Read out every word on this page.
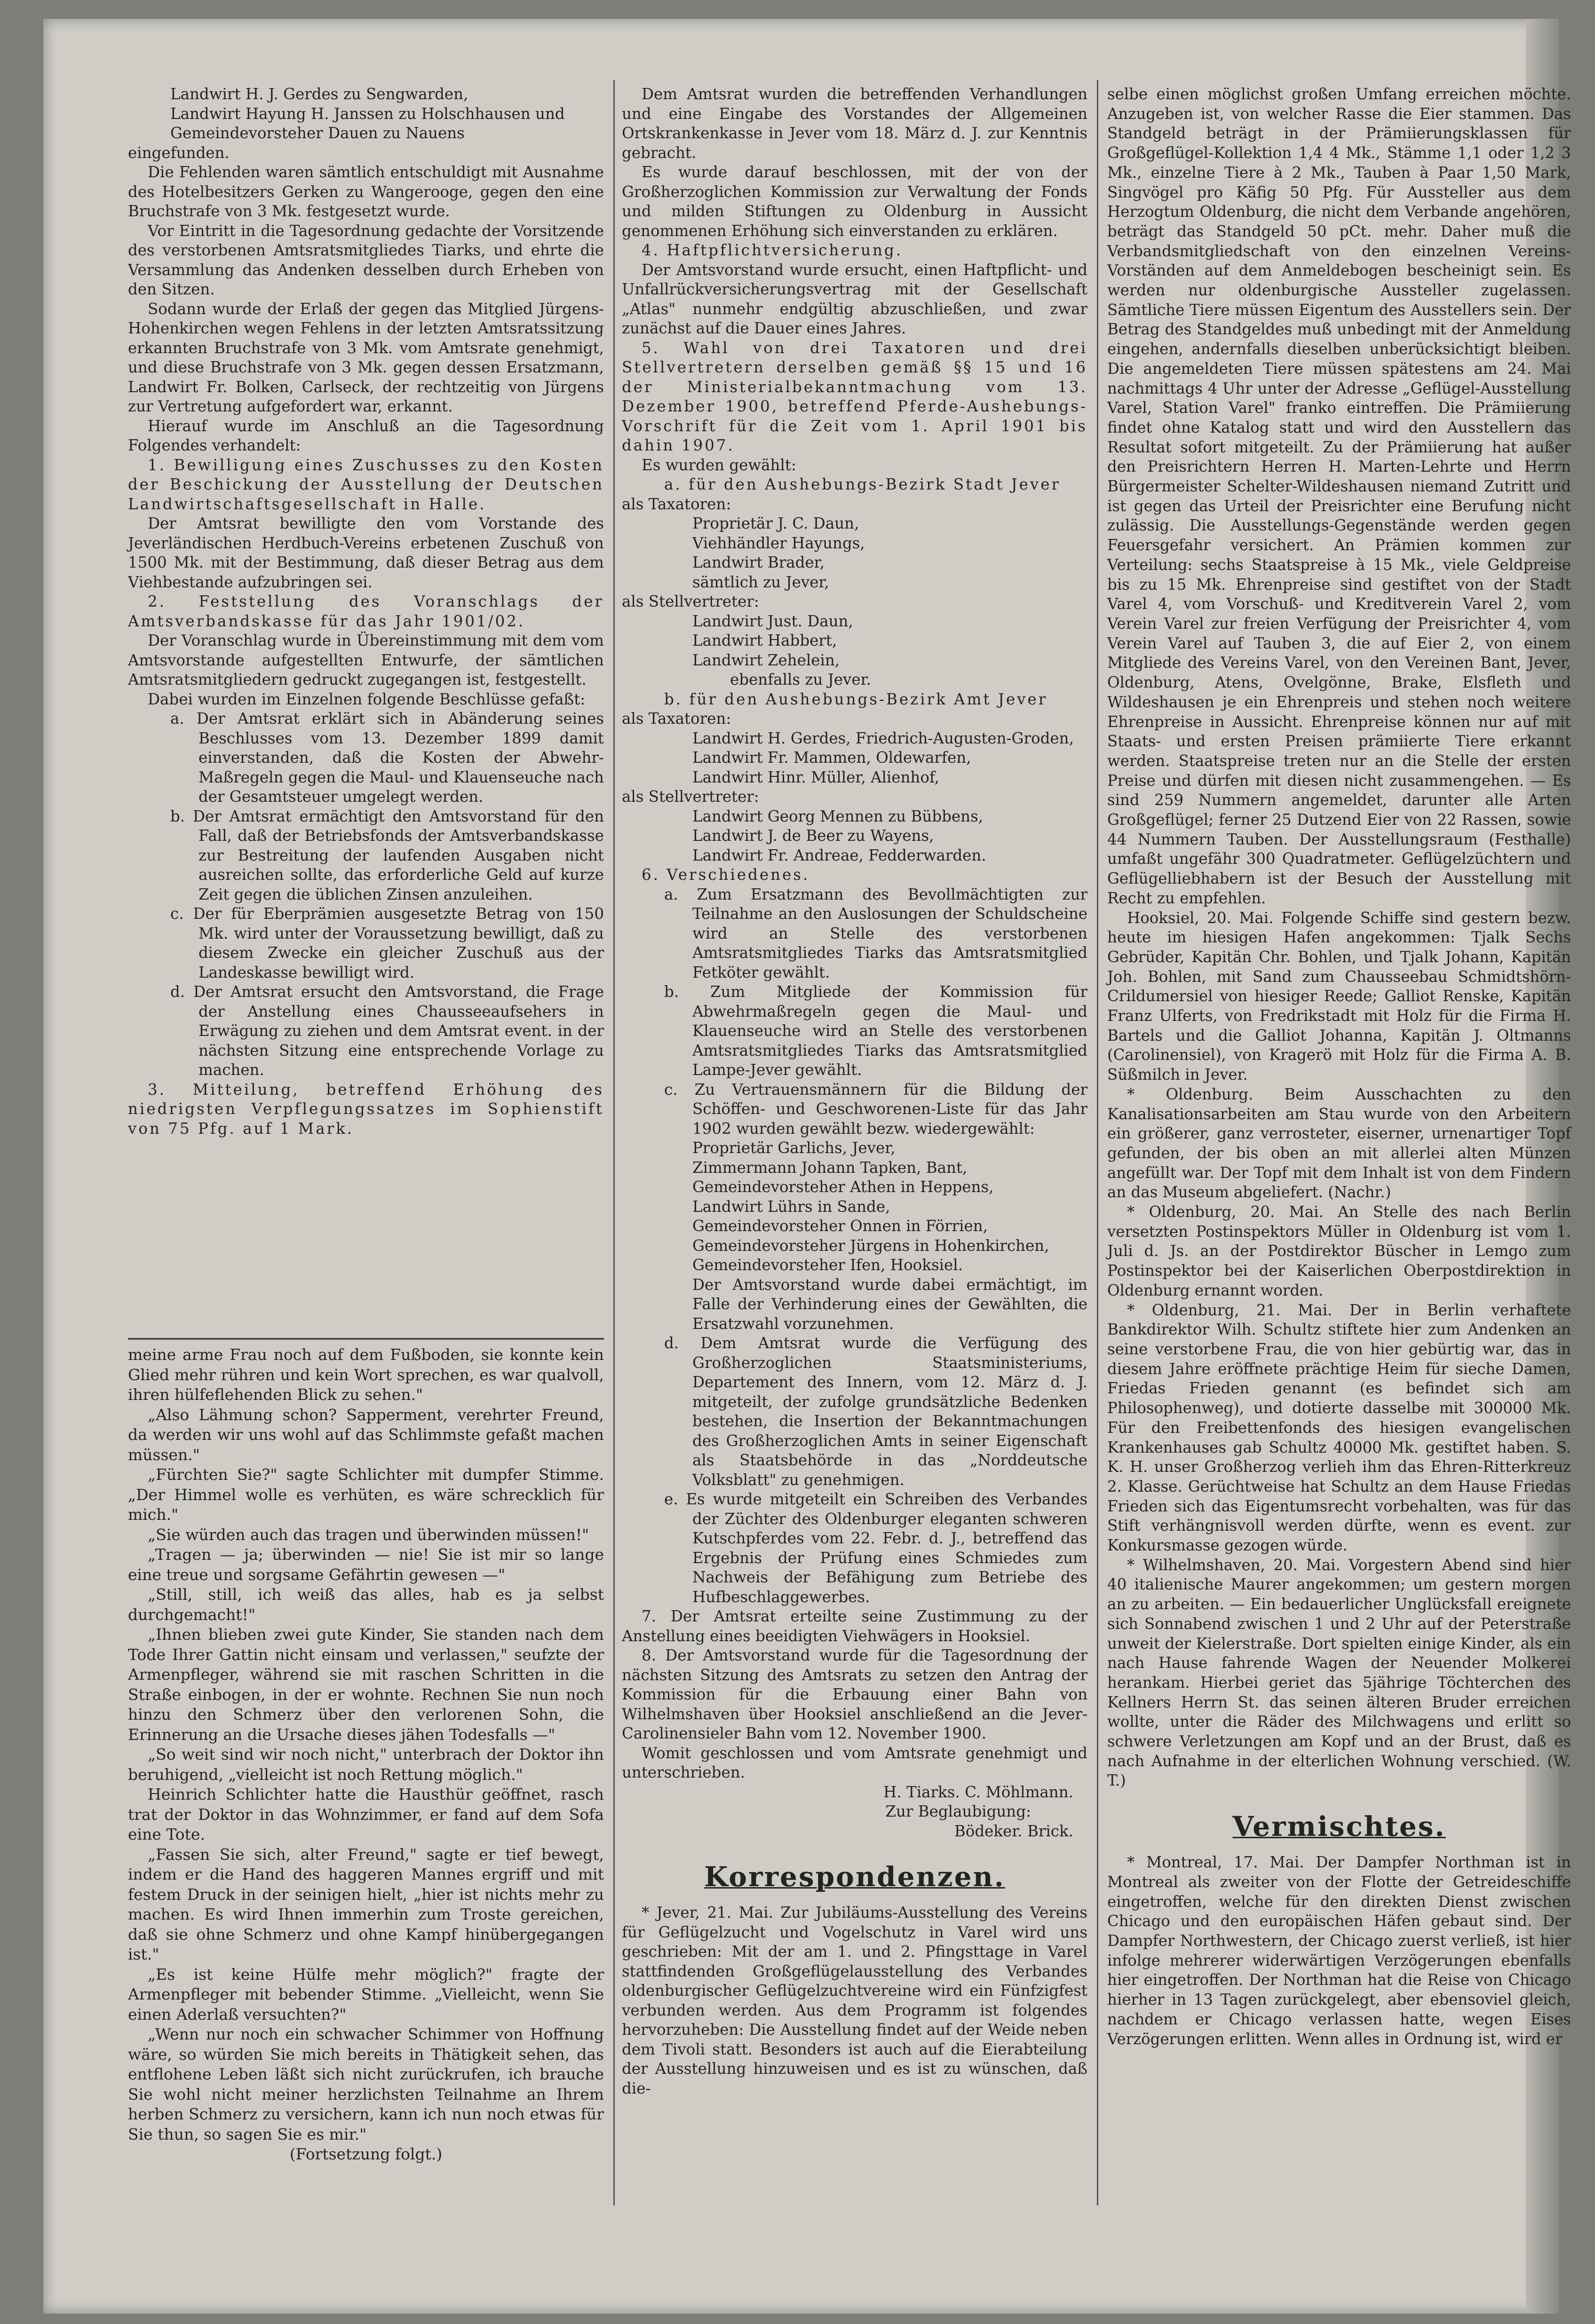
Landwirt H. J. Gerdes zu Sengwarden,

Landwirt Hayung H. Janssen zu Holschhausen und

Gemeindevorsteher Dauen zu Nauens

eingefunden.

Die Fehlenden waren sämtlich entschuldigt mit Ausnahme des Hotelbesitzers Gerken zu Wangerooge, gegen den eine Bruchstrafe von 3 Mk. festgesetzt wurde.

Vor Eintritt in die Tagesordnung gedachte der Vorsitzende des verstorbenen Amtsratsmitgliedes Tiarks, und ehrte die Versammlung das Andenken desselben durch Erheben von den Sitzen.

Sodann wurde der Erlaß der gegen das Mitglied Jürgens-Hohenkirchen wegen Fehlens in der letzten Amtsratssitzung erkannten Bruchstrafe von 3 Mk. vom Amtsrate genehmigt, und diese Bruchstrafe von 3 Mk. gegen dessen Ersatzmann, Landwirt Fr. Bolken, Carlseck, der rechtzeitig von Jürgens zur Vertretung aufgefordert war, erkannt.

Hierauf wurde im Anschluß an die Tagesordnung Folgendes verhandelt:

1. Bewilligung eines Zuschusses zu den Kosten der Beschickung der Ausstellung der Deutschen Landwirtschaftsgesellschaft in Halle.

Der Amtsrat bewilligte den vom Vorstande des Jeverländischen Herdbuch-Vereins erbetenen Zuschuß von 1500 Mk. mit der Bestimmung, daß dieser Betrag aus dem Viehbestande aufzubringen sei.

2. Feststellung des Voranschlags der Amtsverbandskasse für das Jahr 1901/02.

Der Voranschlag wurde in Übereinstimmung mit dem vom Amtsvorstande aufgestellten Entwurfe, der sämtlichen Amtsratsmitgliedern gedruckt zugegangen ist, festgestellt.

Dabei wurden im Einzelnen folgende Beschlüsse gefaßt:

a. Der Amtsrat erklärt sich in Abänderung seines Beschlusses vom 13. Dezember 1899 damit einverstanden, daß die Kosten der Abwehr-Maßregeln gegen die Maul- und Klauenseuche nach der Gesamtsteuer umgelegt werden.

b. Der Amtsrat ermächtigt den Amtsvorstand für den Fall, daß der Betriebsfonds der Amtsverbandskasse zur Bestreitung der laufenden Ausgaben nicht ausreichen sollte, das erforderliche Geld auf kurze Zeit gegen die üblichen Zinsen anzuleihen.

c. Der für Eberprämien ausgesetzte Betrag von 150 Mk. wird unter der Voraussetzung bewilligt, daß zu diesem Zwecke ein gleicher Zuschuß aus der Landeskasse bewilligt wird.

d. Der Amtsrat ersucht den Amtsvorstand, die Frage der Anstellung eines Chausseeaufsehers in Erwägung zu ziehen und dem Amtsrat event. in der nächsten Sitzung eine entsprechende Vorlage zu machen.

3. Mitteilung, betreffend Erhöhung des niedrigsten Verpflegungssatzes im Sophienstift von 75 Pfg. auf 1 Mark.

meine arme Frau noch auf dem Fußboden, sie konnte kein Glied mehr rühren und kein Wort sprechen, es war qualvoll, ihren hülfeflehenden Blick zu sehen."

„Also Lähmung schon? Sapperment, verehrter Freund, da werden wir uns wohl auf das Schlimmste gefaßt machen müssen."

„Fürchten Sie?" sagte Schlichter mit dumpfer Stimme. „Der Himmel wolle es verhüten, es wäre schrecklich für mich."

„Sie würden auch das tragen und überwinden müssen!"

„Tragen — ja; überwinden — nie! Sie ist mir so lange eine treue und sorgsame Gefährtin gewesen —"

„Still, still, ich weiß das alles, hab es ja selbst durchgemacht!"

„Ihnen blieben zwei gute Kinder, Sie standen nach dem Tode Ihrer Gattin nicht einsam und verlassen," seufzte der Armenpfleger, während sie mit raschen Schritten in die Straße einbogen, in der er wohnte. Rechnen Sie nun noch hinzu den Schmerz über den verlorenen Sohn, die Erinnerung an die Ursache dieses jähen Todesfalls —"

„So weit sind wir noch nicht," unterbrach der Doktor ihn beruhigend, „vielleicht ist noch Rettung möglich."

Heinrich Schlichter hatte die Hausthür geöffnet, rasch trat der Doktor in das Wohnzimmer, er fand auf dem Sofa eine Tote.

„Fassen Sie sich, alter Freund," sagte er tief bewegt, indem er die Hand des haggeren Mannes ergriff und mit festem Druck in der seinigen hielt, „hier ist nichts mehr zu machen. Es wird Ihnen immerhin zum Troste gereichen, daß sie ohne Schmerz und ohne Kampf hinübergegangen ist."

„Es ist keine Hülfe mehr möglich?" fragte der Armenpfleger mit bebender Stimme. „Vielleicht, wenn Sie einen Aderlaß versuchten?"

„Wenn nur noch ein schwacher Schimmer von Hoffnung wäre, so würden Sie mich bereits in Thätigkeit sehen, das entflohene Leben läßt sich nicht zurückrufen, ich brauche Sie wohl nicht meiner herzlichsten Teilnahme an Ihrem herben Schmerz zu versichern, kann ich nun noch etwas für Sie thun, so sagen Sie es mir."

(Fortsetzung folgt.)

Dem Amtsrat wurden die betreffenden Verhandlungen und eine Eingabe des Vorstandes der Allgemeinen Ortskrankenkasse in Jever vom 18. März d. J. zur Kenntnis gebracht.

Es wurde darauf beschlossen, mit der von der Großherzoglichen Kommission zur Verwaltung der Fonds und milden Stiftungen zu Oldenburg in Aussicht genommenen Erhöhung sich einverstanden zu erklären.

4. Haftpflichtversicherung.

Der Amtsvorstand wurde ersucht, einen Haftpflicht- und Unfallrückversicherungsvertrag mit der Gesellschaft „Atlas" nunmehr endgültig abzuschließen, und zwar zunächst auf die Dauer eines Jahres.

5. Wahl von drei Taxatoren und drei Stellvertretern derselben gemäß §§ 15 und 16 der Ministerialbekanntmachung vom 13. Dezember 1900, betreffend Pferde-Aushebungs-Vorschrift für die Zeit vom 1. April 1901 bis dahin 1907.

Es wurden gewählt:

a. für den Aushebungs-Bezirk Stadt Jever

als Taxatoren:

Proprietär J. C. Daun,

Viehhändler Hayungs,

Landwirt Brader,

sämtlich zu Jever,

als Stellvertreter:

Landwirt Just. Daun,

Landwirt Habbert,

Landwirt Zehelein,

ebenfalls zu Jever.

b. für den Aushebungs-Bezirk Amt Jever

als Taxatoren:

Landwirt H. Gerdes, Friedrich-Augusten-Groden,

Landwirt Fr. Mammen, Oldewarfen,

Landwirt Hinr. Müller, Alienhof,

als Stellvertreter:

Landwirt Georg Mennen zu Bübbens,

Landwirt J. de Beer zu Wayens,

Landwirt Fr. Andreae, Fedderwarden.

6. Verschiedenes.

a. Zum Ersatzmann des Bevollmächtigten zur Teilnahme an den Auslosungen der Schuldscheine wird an Stelle des verstorbenen Amtsratsmitgliedes Tiarks das Amtsratsmitglied Fetköter gewählt.

b. Zum Mitgliede der Kommission für Abwehrmaßregeln gegen die Maul- und Klauenseuche wird an Stelle des verstorbenen Amtsratsmitgliedes Tiarks das Amtsratsmitglied Lampe-Jever gewählt.

c. Zu Vertrauensmännern für die Bildung der Schöffen- und Geschworenen-Liste für das Jahr 1902 wurden gewählt bezw. wiedergewählt:

Proprietär Garlichs, Jever,

Zimmermann Johann Tapken, Bant,

Gemeindevorsteher Athen in Heppens,

Landwirt Lührs in Sande,

Gemeindevorsteher Onnen in Förrien,

Gemeindevorsteher Jürgens in Hohenkirchen,

Gemeindevorsteher Ifen, Hooksiel.

Der Amtsvorstand wurde dabei ermächtigt, im Falle der Verhinderung eines der Gewählten, die Ersatzwahl vorzunehmen.

d. Dem Amtsrat wurde die Verfügung des Großherzoglichen Staatsministeriums, Departement des Innern, vom 12. März d. J. mitgeteilt, der zufolge grundsätzliche Bedenken bestehen, die Insertion der Bekanntmachungen des Großherzoglichen Amts in seiner Eigenschaft als Staatsbehörde in das „Norddeutsche Volksblatt" zu genehmigen.

e. Es wurde mitgeteilt ein Schreiben des Verbandes der Züchter des Oldenburger eleganten schweren Kutschpferdes vom 22. Febr. d. J., betreffend das Ergebnis der Prüfung eines Schmiedes zum Nachweis der Befähigung zum Betriebe des Hufbeschlaggewerbes.

7. Der Amtsrat erteilte seine Zustimmung zu der Anstellung eines beeidigten Viehwägers in Hooksiel.

8. Der Amtsvorstand wurde für die Tagesordnung der nächsten Sitzung des Amtsrats zu setzen den Antrag der Kommission für die Erbauung einer Bahn von Wilhelmshaven über Hooksiel anschließend an die Jever-Carolinensieler Bahn vom 12. November 1900.

Womit geschlossen und vom Amtsrate genehmigt und unterschrieben.

H. Tiarks. C. Möhlmann.

Zur Beglaubigung:

Bödeker. Brick.

Korrespondenzen.

* Jever, 21. Mai. Zur Jubiläums-Ausstellung des Vereins für Geflügelzucht und Vogelschutz in Varel wird uns geschrieben: Mit der am 1. und 2. Pfingsttage in Varel stattfindenden Großgeflügelausstellung des Verbandes oldenburgischer Geflügelzuchtvereine wird ein Fünfzigfest verbunden werden. Aus dem Programm ist folgendes hervorzuheben: Die Ausstellung findet auf der Weide neben dem Tivoli statt. Besonders ist auch auf die Eierabteilung der Ausstellung hinzuweisen und es ist zu wünschen, daß die-

selbe einen möglichst großen Umfang erreichen möchte. Anzugeben ist, von welcher Rasse die Eier stammen. Das Standgeld beträgt in der Prämiierungsklassen für Großgeflügel-Kollektion 1,4 4 Mk., Stämme 1,1 oder 1,2 3 Mk., einzelne Tiere à 2 Mk., Tauben à Paar 1,50 Mark, Singvögel pro Käfig 50 Pfg. Für Aussteller aus dem Herzogtum Oldenburg, die nicht dem Verbande angehören, beträgt das Standgeld 50 pCt. mehr. Daher muß die Verbandsmitgliedschaft von den einzelnen Vereins-Vorständen auf dem Anmeldebogen bescheinigt sein. Es werden nur oldenburgische Aussteller zugelassen. Sämtliche Tiere müssen Eigentum des Ausstellers sein. Der Betrag des Standgeldes muß unbedingt mit der Anmeldung eingehen, andernfalls dieselben unberücksichtigt bleiben. Die angemeldeten Tiere müssen spätestens am 24. Mai nachmittags 4 Uhr unter der Adresse „Geflügel-Ausstellung Varel, Station Varel" franko eintreffen. Die Prämiierung findet ohne Katalog statt und wird den Ausstellern das Resultat sofort mitgeteilt. Zu der Prämiierung hat außer den Preisrichtern Herren H. Marten-Lehrte und Herrn Bürgermeister Schelter-Wildeshausen niemand Zutritt und ist gegen das Urteil der Preisrichter eine Berufung nicht zulässig. Die Ausstellungs-Gegenstände werden gegen Feuersgefahr versichert. An Prämien kommen zur Verteilung: sechs Staatspreise à 15 Mk., viele Geldpreise bis zu 15 Mk. Ehrenpreise sind gestiftet von der Stadt Varel 4, vom Vorschuß- und Kreditverein Varel 2, vom Verein Varel zur freien Verfügung der Preisrichter 4, vom Verein Varel auf Tauben 3, die auf Eier 2, von einem Mitgliede des Vereins Varel, von den Vereinen Bant, Jever, Oldenburg, Atens, Ovelgönne, Brake, Elsfleth und Wildeshausen je ein Ehrenpreis und stehen noch weitere Ehrenpreise in Aussicht. Ehrenpreise können nur auf mit Staats- und ersten Preisen prämiierte Tiere erkannt werden. Staatspreise treten nur an die Stelle der ersten Preise und dürfen mit diesen nicht zusammengehen. — Es sind 259 Nummern angemeldet, darunter alle Arten Großgeflügel; ferner 25 Dutzend Eier von 22 Rassen, sowie 44 Nummern Tauben. Der Ausstellungsraum (Festhalle) umfaßt ungefähr 300 Quadratmeter. Geflügelzüchtern und Geflügelliebhabern ist der Besuch der Ausstellung mit Recht zu empfehlen.

Hooksiel, 20. Mai. Folgende Schiffe sind gestern bezw. heute im hiesigen Hafen angekommen: Tjalk Sechs Gebrüder, Kapitän Chr. Bohlen, und Tjalk Johann, Kapitän Joh. Bohlen, mit Sand zum Chausseebau Schmidtshörn-Crildumersiel von hiesiger Reede; Galliot Renske, Kapitän Franz Ulferts, von Fredrikstadt mit Holz für die Firma H. Bartels und die Galliot Johanna, Kapitän J. Oltmanns (Carolinensiel), von Kragerö mit Holz für die Firma A. B. Süßmilch in Jever.

* Oldenburg. Beim Ausschachten zu den Kanalisationsarbeiten am Stau wurde von den Arbeitern ein größerer, ganz verrosteter, eiserner, urnenartiger Topf gefunden, der bis oben an mit allerlei alten Münzen angefüllt war. Der Topf mit dem Inhalt ist von dem Findern an das Museum abgeliefert. (Nachr.)

* Oldenburg, 20. Mai. An Stelle des nach Berlin versetzten Postinspektors Müller in Oldenburg ist vom 1. Juli d. Js. an der Postdirektor Büscher in Lemgo zum Postinspektor bei der Kaiserlichen Oberpostdirektion in Oldenburg ernannt worden.

* Oldenburg, 21. Mai. Der in Berlin verhaftete Bankdirektor Wilh. Schultz stiftete hier zum Andenken an seine verstorbene Frau, die von hier gebürtig war, das in diesem Jahre eröffnete prächtige Heim für sieche Damen, Friedas Frieden genannt (es befindet sich am Philosophenweg), und dotierte dasselbe mit 300000 Mk. Für den Freibettenfonds des hiesigen evangelischen Krankenhauses gab Schultz 40000 Mk. gestiftet haben. S. K. H. unser Großherzog verlieh ihm das Ehren-Ritterkreuz 2. Klasse. Gerüchtweise hat Schultz an dem Hause Friedas Frieden sich das Eigentumsrecht vorbehalten, was für das Stift verhängnisvoll werden dürfte, wenn es event. zur Konkursmasse gezogen würde.

* Wilhelmshaven, 20. Mai. Vorgestern Abend sind hier 40 italienische Maurer angekommen; um gestern morgen an zu arbeiten. — Ein bedauerlicher Unglücksfall ereignete sich Sonnabend zwischen 1 und 2 Uhr auf der Peterstraße unweit der Kielerstraße. Dort spielten einige Kinder, als ein nach Hause fahrende Wagen der Neuender Molkerei herankam. Hierbei geriet das 5jährige Töchterchen des Kellners Herrn St. das seinen älteren Bruder erreichen wollte, unter die Räder des Milchwagens und erlitt so schwere Verletzungen am Kopf und an der Brust, daß es nach Aufnahme in der elterlichen Wohnung verschied. (W. T.)

Vermischtes.

* Montreal, 17. Mai. Der Dampfer Northman ist in Montreal als zweiter von der Flotte der Getreideschiffe eingetroffen, welche für den direkten Dienst zwischen Chicago und den europäischen Häfen gebaut sind. Der Dampfer Northwestern, der Chicago zuerst verließ, ist hier infolge mehrerer widerwärtigen Verzögerungen ebenfalls hier eingetroffen. Der Northman hat die Reise von Chicago hierher in 13 Tagen zurückgelegt, aber ebensoviel gleich, nachdem er Chicago verlassen hatte, wegen Eises Verzögerungen erlitten. Wenn alles in Ordnung ist, wird er
